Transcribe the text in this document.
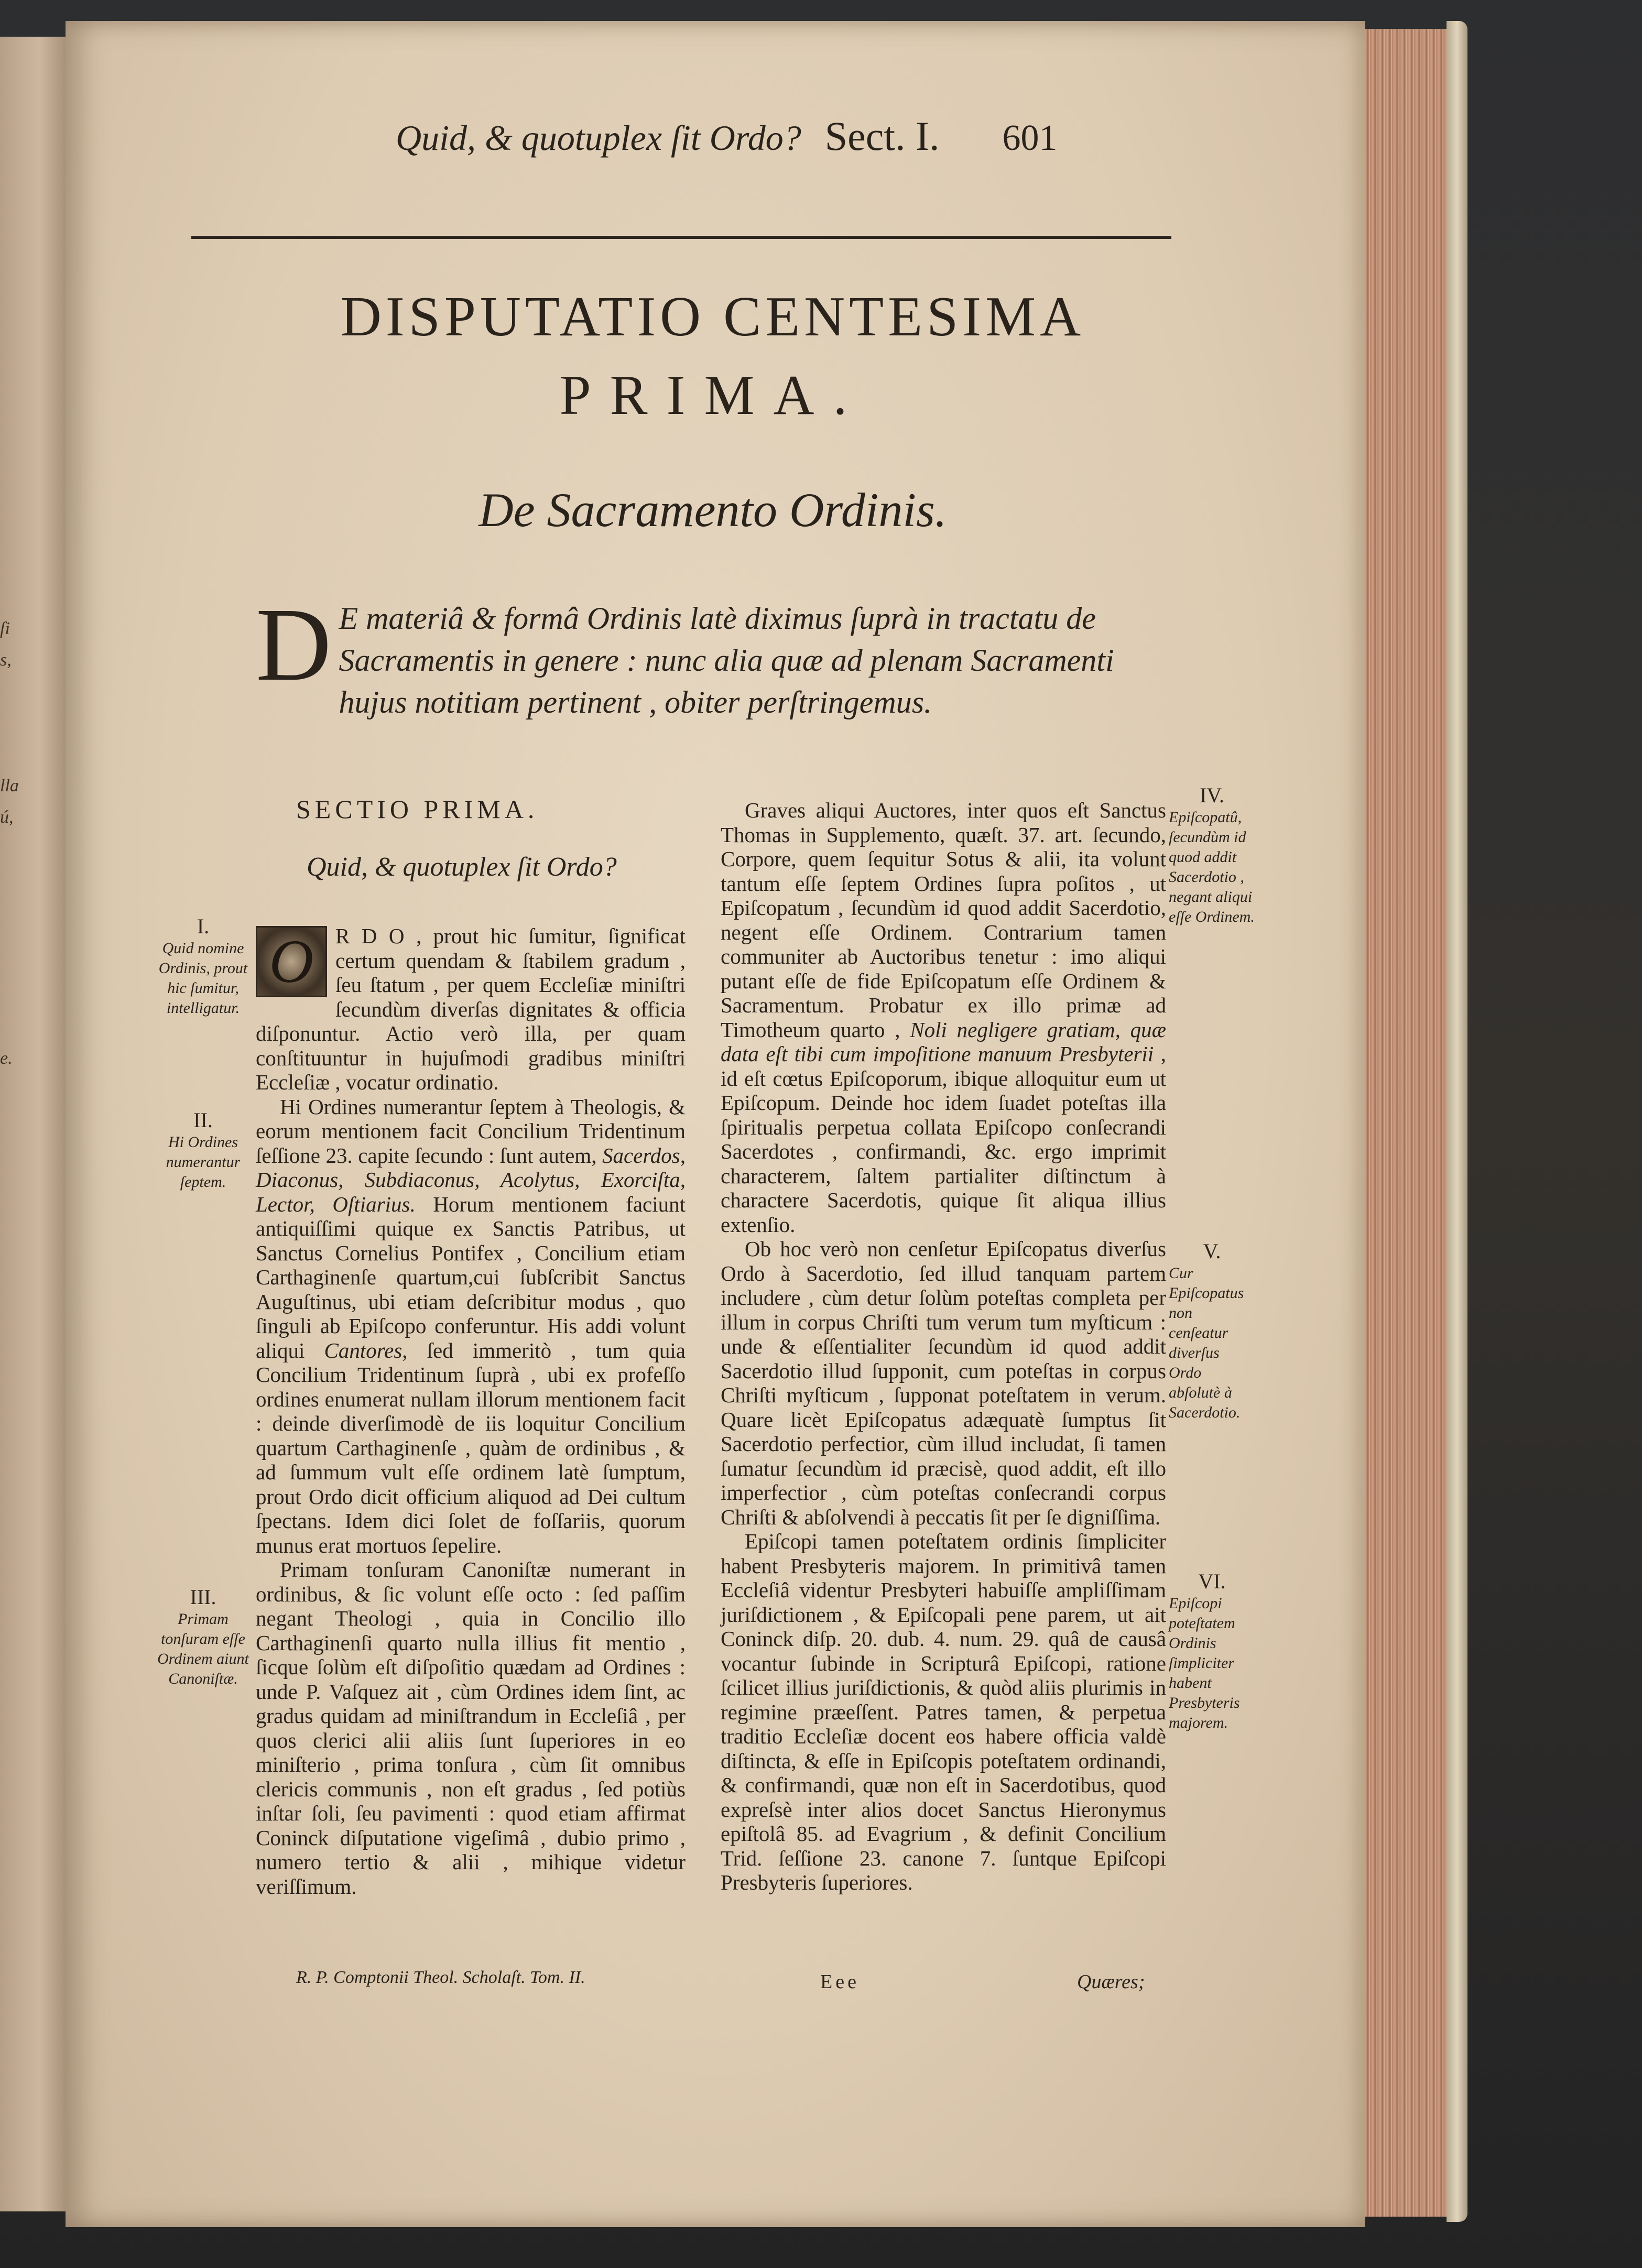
ſi
s,
lla
ú,
e.
Quid, & quotuplex ſit Ordo? Sect. I. 601
DISPUTATIO CENTESIMA
PRIMA.
De Sacramento Ordinis.
D E materiâ & formâ Ordinis latè diximus ſuprà in tractatu de Sacramentis in genere : nunc alia quæ ad plenam Sacramenti hujus notitiam pertinent , obiter perſtringemus.
SECTIO PRIMA.
Quid, & quotuplex ſit Ordo?

O	R D O , prout hic ſumitur, ſignificat certum quendam & ſtabilem gradum , ſeu ſtatum , per quem Eccleſiæ miniſtri ſecundùm diverſas dignitates & officia diſponuntur. Actio verò illa, per quam conſtituuntur in hujuſmodi gradibus miniſtri Eccleſiæ , vocatur ordinatio.

Hi Ordines numerantur ſeptem à Theologis, & eorum mentionem facit Concilium Tridentinum ſeſſione 23. capite ſecundo : ſunt autem, Sacerdos, Diaconus, Subdiaconus, Acolytus, Exorciſta, Lector, Oſtiarius. Horum mentionem faciunt antiquiſſimi quique ex Sanctis Patribus, ut Sanctus Cornelius Pontifex , Concilium etiam Carthaginenſe quartum,cui ſubſcribit Sanctus Auguſtinus, ubi etiam deſcribitur modus , quo ſinguli ab Epiſcopo conferuntur. His addi volunt aliqui Cantores, ſed immeritò , tum quia Concilium Tridentinum ſuprà , ubi ex profeſſo ordines enumerat nullam illorum mentionem facit : deinde diverſimodè de iis loquitur Concilium quartum Carthaginenſe , quàm de ordinibus , & ad ſummum vult eſſe ordinem latè ſumptum, prout Ordo dicit officium aliquod ad Dei cultum ſpectans. Idem dici ſolet de foſſariis, quorum munus erat mortuos ſepelire.

Primam tonſuram Canoniſtæ numerant in ordinibus, & ſic volunt eſſe octo : ſed paſſim negant Theologi , quia in Concilio illo Carthaginenſi quarto nulla illius fit mentio , ſicque ſolùm eſt diſpoſitio quædam ad Ordines : unde P. Vaſquez ait , cùm Ordines idem ſint, ac gradus quidam ad miniſtrandum in Eccleſiâ , per quos clerici alii aliis ſunt ſuperiores in eo miniſterio , prima tonſura , cùm ſit omnibus clericis communis , non eſt gradus , ſed potiùs inſtar ſoli, ſeu pavimenti : quod etiam affirmat Coninck diſputatione vigeſimâ , dubio primo , numero tertio & alii , mihique videtur veriſſimum.

Graves aliqui Auctores, inter quos eſt Sanctus Thomas in Supplemento, quæſt. 37. art. ſecundo, Corpore, quem ſequitur Sotus & alii, ita volunt tantum eſſe ſeptem Ordines ſupra poſitos , ut Epiſcopatum , ſecundùm id quod addit Sacerdotio, negent eſſe Ordinem. Contrarium tamen communiter ab Auctoribus tenetur : imo aliqui putant eſſe de fide Epiſcopatum eſſe Ordinem & Sacramentum. Probatur ex illo primæ ad Timotheum quarto , Noli negligere gratiam, quæ data eſt tibi cum impoſitione manuum Presbyterii , id eſt cœtus Epiſcoporum, ibique alloquitur eum ut Epiſcopum. Deinde hoc idem ſuadet poteſtas illa ſpiritualis perpetua collata Epiſcopo conſecrandi Sacerdotes , confirmandi, &c. ergo imprimit characterem, ſaltem partialiter diſtinctum à charactere Sacerdotis, quique ſit aliqua illius extenſio.

Ob hoc verò non cenſetur Epiſcopatus diverſus Ordo à Sacerdotio, ſed illud tanquam partem includere , cùm detur ſolùm poteſtas completa per illum in corpus Chriſti tum verum tum myſticum : unde & eſſentialiter ſecundùm id quod addit Sacerdotio illud ſupponit, cum poteſtas in corpus Chriſti myſticum , ſupponat poteſtatem in verum. Quare licèt Epiſcopatus adæquatè ſumptus ſit Sacerdotio perfectior, cùm illud includat, ſi tamen ſumatur ſecundùm id præcisè, quod addit, eſt illo imperfectior , cùm poteſtas conſecrandi corpus Chriſti & abſolvendi à peccatis ſit per ſe digniſſima.

Epiſcopi tamen poteſtatem ordinis ſimpliciter habent Presbyteris majorem. In primitivâ tamen Eccleſiâ videntur Presbyteri habuiſſe ampliſſimam juriſdictionem , & Epiſcopali pene parem, ut ait Coninck diſp. 20. dub. 4. num. 29. quâ de causâ vocantur ſubinde in Scripturâ Epiſcopi, ratione ſcilicet illius juriſdictionis, & quòd aliis plurimis in regimine præeſſent. Patres tamen, & perpetua traditio Eccleſiæ docent eos habere officia valdè diſtincta, & eſſe in Epiſcopis poteſtatem ordinandi, & confirmandi, quæ non eſt in Sacerdotibus, quod expreſsè inter alios docet Sanctus Hieronymus epiſtolâ 85. ad Evagrium , & definit Concilium Trid. ſeſſione 23. canone 7. ſuntque Epiſcopi Presbyteris ſuperiores.

I.
Quid nomine Ordinis, prout hic ſumitur, intelligatur.
II.
Hi Ordines numerantur ſeptem.
III.
Primam tonſuram eſſe Ordinem aiunt Canoniſtæ.
IV.
Epiſcopatû, ſecundùm id quod addit Sacerdotio , negant aliqui eſſe Ordinem.
V.
Cur Epiſcopatus non cenſeatur diverſus Ordo abſolutè à Sacerdotio.
VI.
Epiſcopi poteſtatem Ordinis ſimpliciter habent Presbyteris majorem.
R. P. Comptonii Theol. Scholaſt. Tom. II.	Eee	Quæres;
